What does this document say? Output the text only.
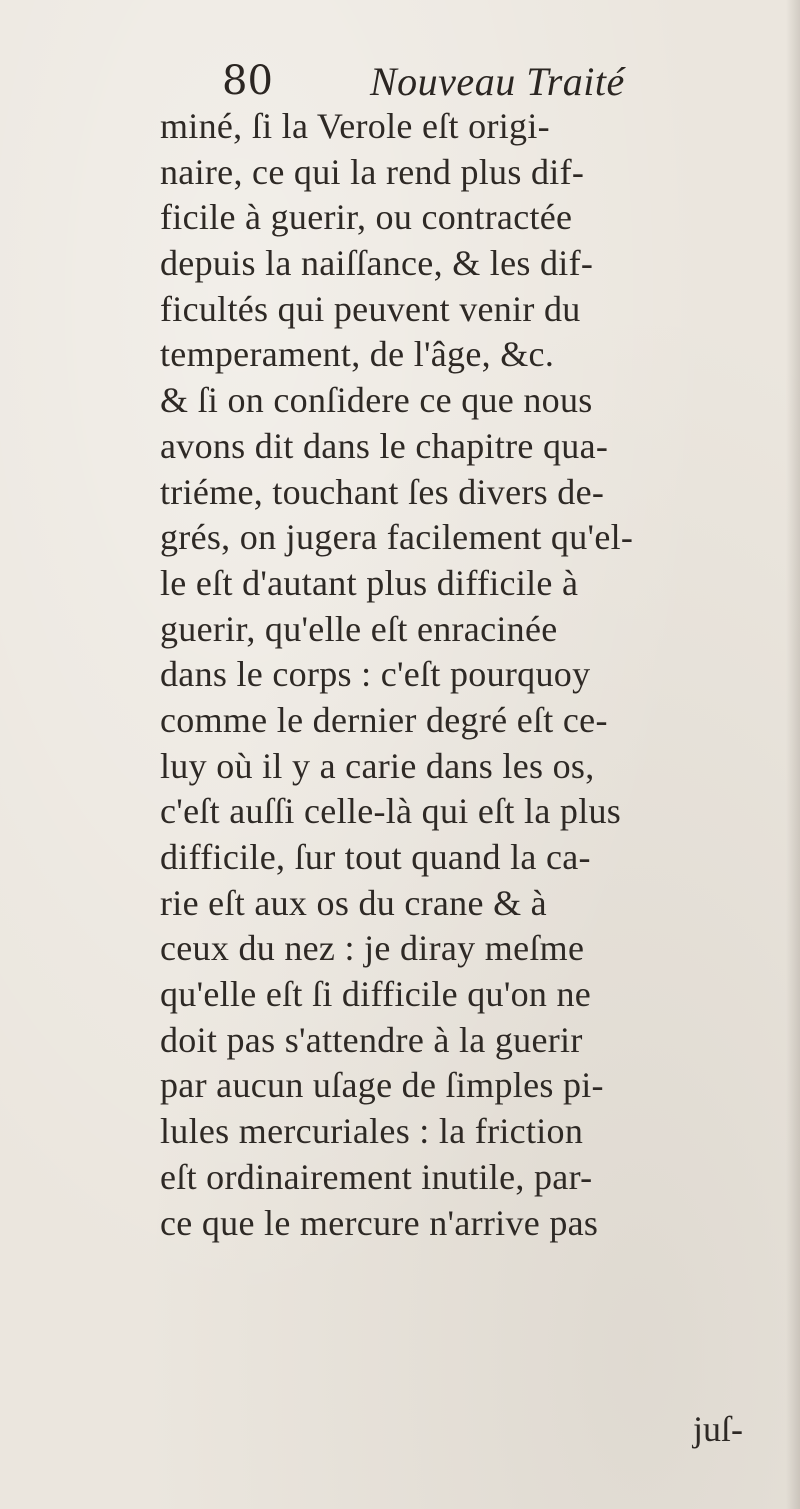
80 Nouveau Traité
miné, ſi la Verole eſt origi-
naire, ce qui la rend plus dif-
ficile à guerir, ou contractée
depuis la naiſſance, & les dif-
ficultés qui peuvent venir du
temperament, de l'âge, &c.
& ſi on conſidere ce que nous
avons dit dans le chapitre qua-
triéme, touchant ſes divers de-
grés, on jugera facilement qu'el-
le eſt d'autant plus difficile à
guerir, qu'elle eſt enracinée
dans le corps : c'eſt pourquoy
comme le dernier degré eſt ce-
luy où il y a carie dans les os,
c'eſt auſſi celle-là qui eſt la plus
difficile, ſur tout quand la ca-
rie eſt aux os du crane & à
ceux du nez : je diray meſme
qu'elle eſt ſi difficile qu'on ne
doit pas s'attendre à la guerir
par aucun uſage de ſimples pi-
lules mercuriales : la friction
eſt ordinairement inutile, par-
ce que le mercure n'arrive pas
juſ-
